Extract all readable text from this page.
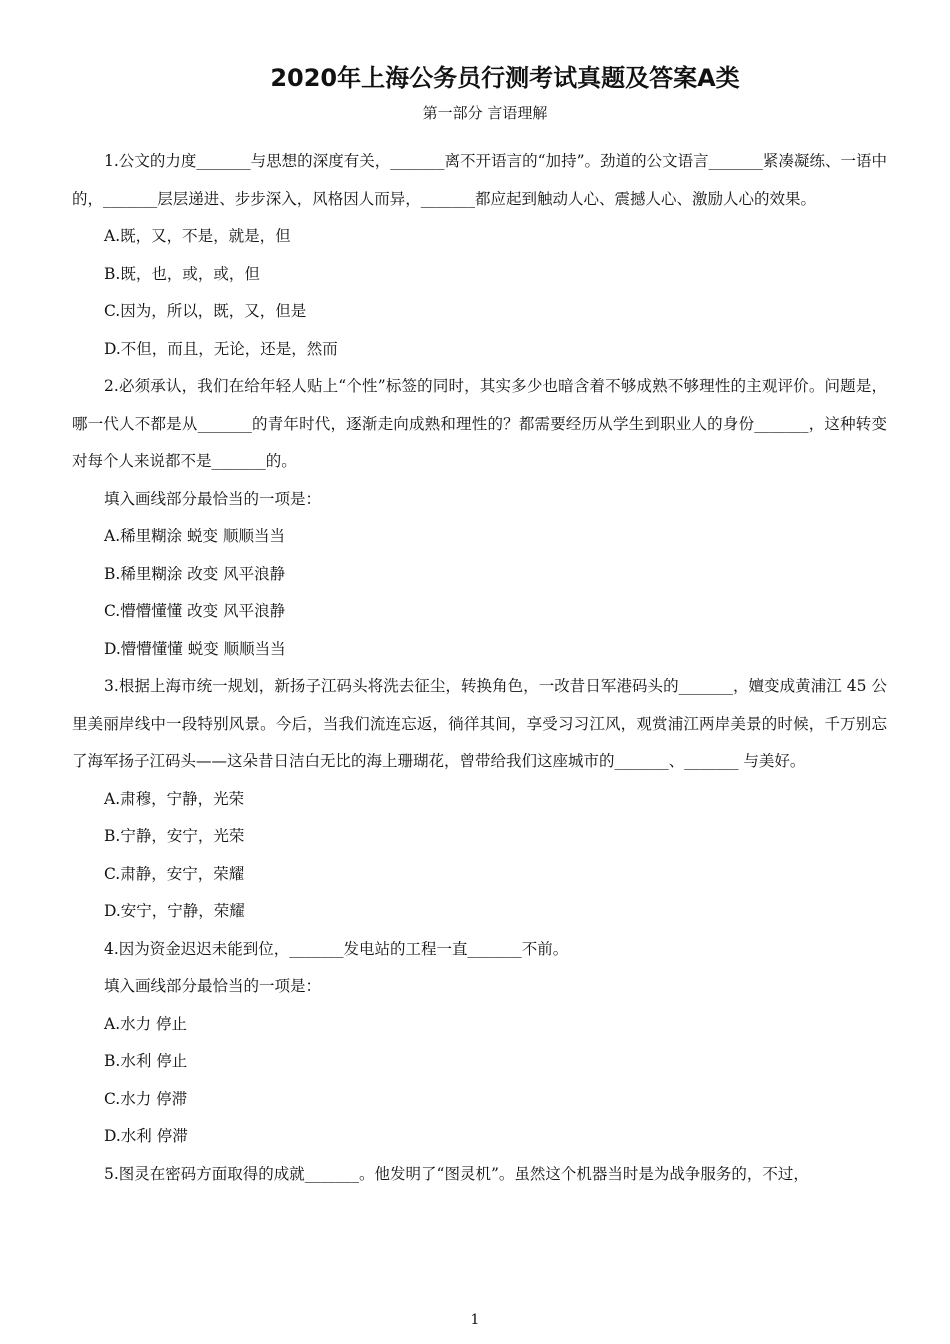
2020年上海公务员行测考试真题及答案A类
第一部分 言语理解

1.公文的力度_______与思想的深度有关，_______离不开语言的“加持”。劲道的公文语言_______紧凑凝练、一语中的，_______层层递进、步步深入，风格因人而异，_______都应起到触动人心、震撼人心、激励人心的效果。

A.既，又，不是，就是，但

B.既，也，或，或，但

C.因为，所以，既，又，但是

D.不但，而且，无论，还是，然而

2.必须承认，我们在给年轻人贴上“个性”标签的同时，其实多少也暗含着不够成熟不够理性的主观评价。问题是，哪一代人不都是从_______的青年时代，逐渐走向成熟和理性的？都需要经历从学生到职业人的身份_______，这种转变对每个人来说都不是_______的。

填入画线部分最恰当的一项是：

A.稀里糊涂 蜕变 顺顺当当

B.稀里糊涂 改变 风平浪静

C.懵懵懂懂 改变 风平浪静

D.懵懵懂懂 蜕变 顺顺当当

3.根据上海市统一规划，新扬子江码头将洗去征尘，转换角色，一改昔日军港码头的_______，嬗变成黄浦江 45 公里美丽岸线中一段特别风景。今后，当我们流连忘返，徜徉其间，享受习习江风，观赏浦江两岸美景的时候，千万别忘了海军扬子江码头——这朵昔日洁白无比的海上珊瑚花，曾带给我们这座城市的_______、_______ 与美好。

A.肃穆，宁静，光荣

B.宁静，安宁，光荣

C.肃静，安宁，荣耀

D.安宁，宁静，荣耀

4.因为资金迟迟未能到位，_______发电站的工程一直_______不前。

填入画线部分最恰当的一项是：

A.水力 停止

B.水利 停止

C.水力 停滞

D.水利 停滞

5.图灵在密码方面取得的成就_______。他发明了“图灵机”。虽然这个机器当时是为战争服务的，不过，

1
